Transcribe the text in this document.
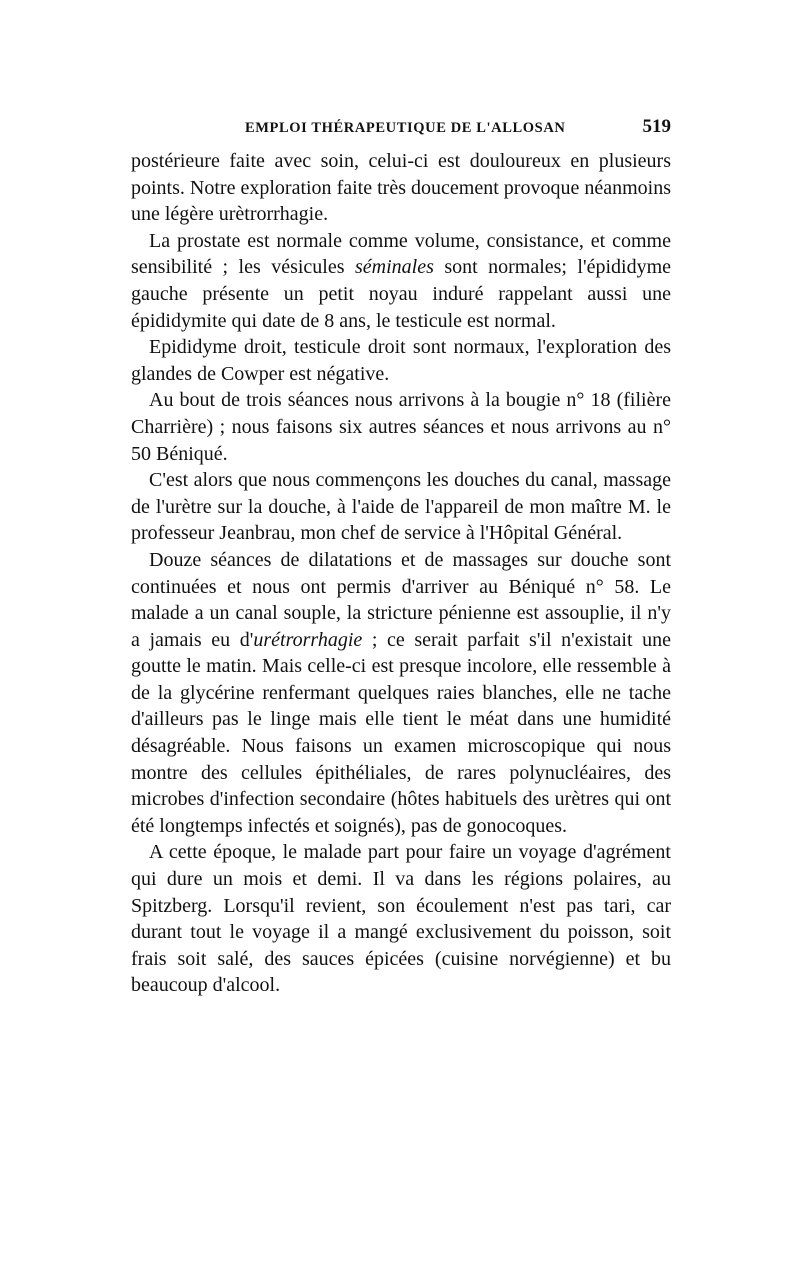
EMPLOI THÉRAPEUTIQUE DE L'ALLOSAN	519

postérieure faite avec soin, celui-ci est douloureux en plusieurs points. Notre exploration faite très doucement provoque néanmoins une légère urètrorrhagie.

La prostate est normale comme volume, consistance, et comme sensibilité ; les vésicules séminales sont normales; l'épididyme gauche présente un petit noyau induré rappelant aussi une épididymite qui date de 8 ans, le testicule est normal.

Epididyme droit, testicule droit sont normaux, l'exploration des glandes de Cowper est négative.

Au bout de trois séances nous arrivons à la bougie n° 18 (filière Charrière) ; nous faisons six autres séances et nous arrivons au n° 50 Béniqué.

C'est alors que nous commençons les douches du canal, massage de l'urètre sur la douche, à l'aide de l'appareil de mon maître M. le professeur Jeanbrau, mon chef de service à l'Hôpital Général.

Douze séances de dilatations et de massages sur douche sont continuées et nous ont permis d'arriver au Béniqué n° 58. Le malade a un canal souple, la stricture pénienne est assouplie, il n'y a jamais eu d'urétrorrhagie ; ce serait parfait s'il n'existait une goutte le matin. Mais celle-ci est presque incolore, elle ressemble à de la glycérine renfermant quelques raies blanches, elle ne tache d'ailleurs pas le linge mais elle tient le méat dans une humidité désagréable. Nous faisons un examen microscopique qui nous montre des cellules épithéliales, de rares polynucléaires, des microbes d'infection secondaire (hôtes habituels des urètres qui ont été longtemps infectés et soignés), pas de gonocoques.

A cette époque, le malade part pour faire un voyage d'agrément qui dure un mois et demi. Il va dans les régions polaires, au Spitzberg. Lorsqu'il revient, son écoulement n'est pas tari, car durant tout le voyage il a mangé exclusivement du poisson, soit frais soit salé, des sauces épicées (cuisine norvégienne) et bu beaucoup d'alcool.
